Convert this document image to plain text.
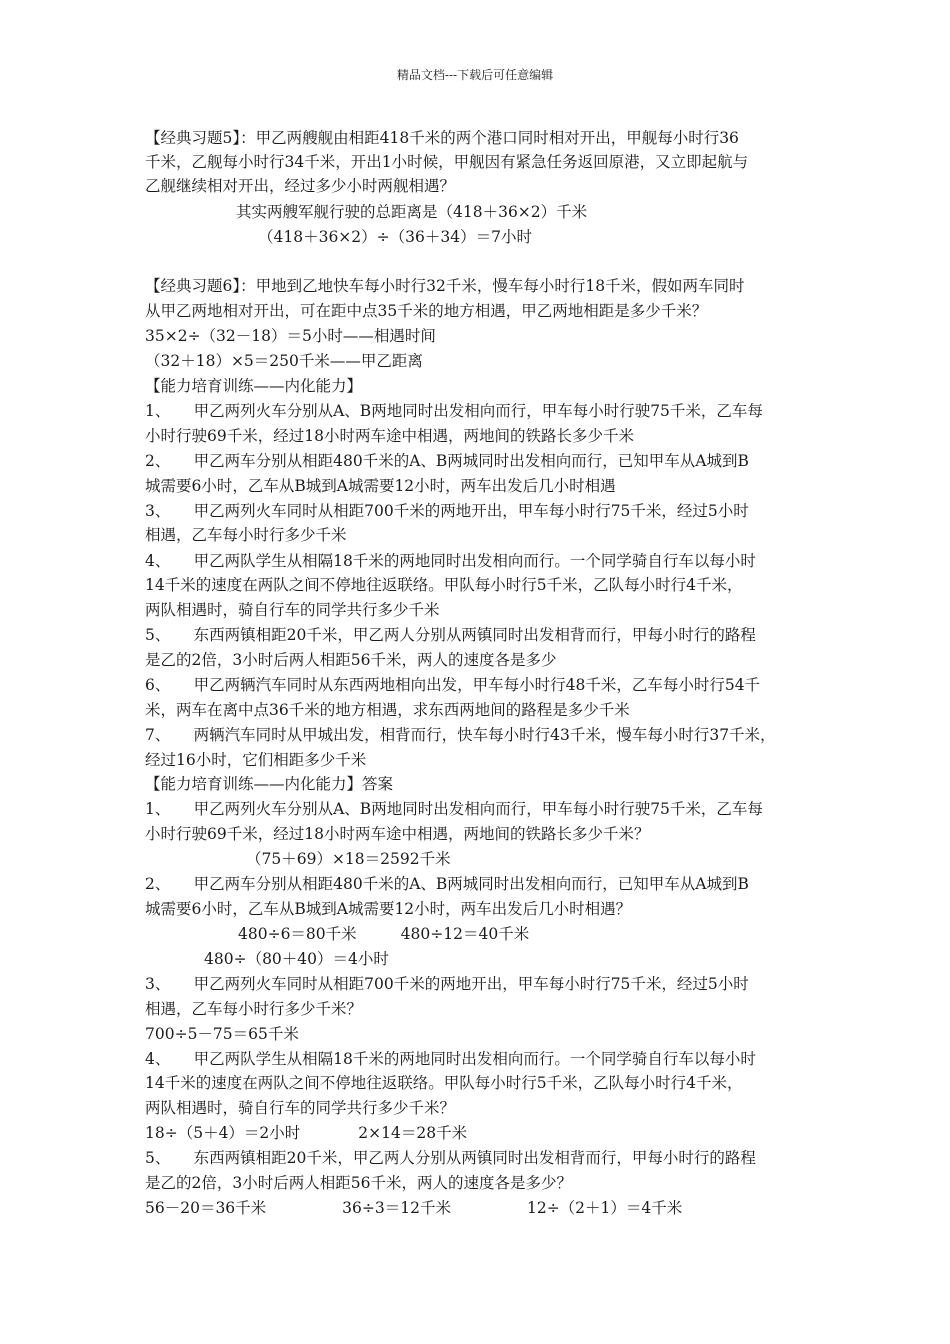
精品文档---下载后可任意编辑
【经典习题5】：甲乙两艘舰由相距418千米的两个港口同时相对开出，甲舰每小时行36
千米，乙舰每小时行34千米，开出1小时候，甲舰因有紧急任务返回原港，又立即起航与
乙舰继续相对开出，经过多少小时两舰相遇？
其实两艘军舰行驶的总距离是（418＋36×2）千米
（418＋36×2）÷（36＋34）＝7小时
【经典习题6】：甲地到乙地快车每小时行32千米，慢车每小时行18千米，假如两车同时
从甲乙两地相对开出，可在距中点35千米的地方相遇，甲乙两地相距是多少千米？
35×2÷（32－18）＝5小时——相遇时间
（32＋18）×5＝250千米——甲乙距离
【能力培育训练——内化能力】
1、　　甲乙两列火车分别从A、B两地同时出发相向而行，甲车每小时行驶75千米，乙车每
小时行驶69千米，经过18小时两车途中相遇，两地间的铁路长多少千米
2、　　甲乙两车分别从相距480千米的A、B两城同时出发相向而行，已知甲车从A城到B
城需要6小时，乙车从B城到A城需要12小时，两车出发后几小时相遇
3、　　甲乙两列火车同时从相距700千米的两地开出，甲车每小时行75千米，经过5小时
相遇，乙车每小时行多少千米
4、　　甲乙两队学生从相隔18千米的两地同时出发相向而行。一个同学骑自行车以每小时
14千米的速度在两队之间不停地往返联络。甲队每小时行5千米，乙队每小时行4千米，
两队相遇时，骑自行车的同学共行多少千米
5、　　东西两镇相距20千米，甲乙两人分别从两镇同时出发相背而行，甲每小时行的路程
是乙的2倍，3小时后两人相距56千米，两人的速度各是多少
6、　　甲乙两辆汽车同时从东西两地相向出发，甲车每小时行48千米，乙车每小时行54千
米，两车在离中点36千米的地方相遇，求东西两地间的路程是多少千米
7、　　两辆汽车同时从甲城出发，相背而行，快车每小时行43千米，慢车每小时行37千米，
经过16小时，它们相距多少千米
【能力培育训练——内化能力】答案
1、　　甲乙两列火车分别从A、B两地同时出发相向而行，甲车每小时行驶75千米，乙车每
小时行驶69千米，经过18小时两车途中相遇，两地间的铁路长多少千米？
（75＋69）×18＝2592千米
2、　　甲乙两车分别从相距480千米的A、B两城同时出发相向而行，已知甲车从A城到B
城需要6小时，乙车从B城到A城需要12小时，两车出发后几小时相遇？
480÷6＝80千米	480÷12＝40千米
480÷（80＋40）＝4小时
3、　　甲乙两列火车同时从相距700千米的两地开出，甲车每小时行75千米，经过5小时
相遇，乙车每小时行多少千米？
700÷5－75＝65千米
4、　　甲乙两队学生从相隔18千米的两地同时出发相向而行。一个同学骑自行车以每小时
14千米的速度在两队之间不停地往返联络。甲队每小时行5千米，乙队每小时行4千米，
两队相遇时，骑自行车的同学共行多少千米？
18÷（5＋4）＝2小时	2×14＝28千米
5、　　东西两镇相距20千米，甲乙两人分别从两镇同时出发相背而行，甲每小时行的路程
是乙的2倍，3小时后两人相距56千米，两人的速度各是多少？
56－20＝36千米	36÷3＝12千米	12÷（2＋1）＝4千米
